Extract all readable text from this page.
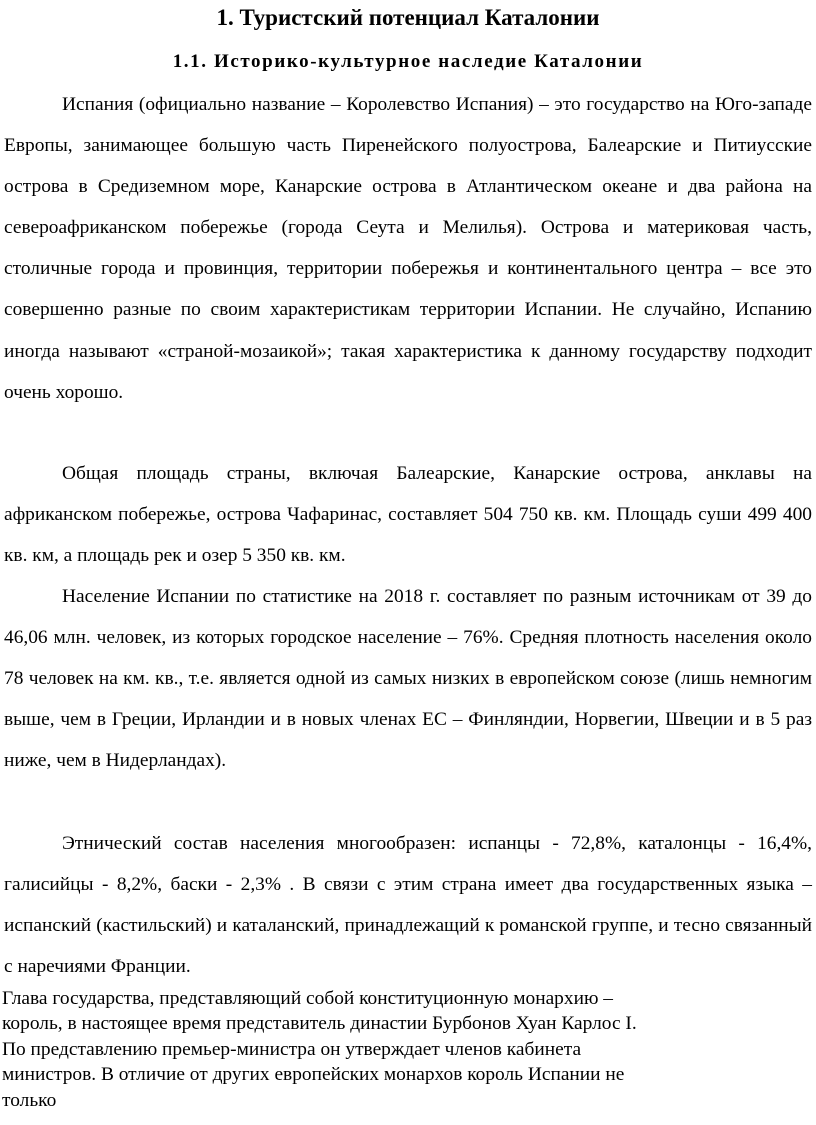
1. Туристский потенциал Каталонии
1.1. Историко-культурное наследие Каталонии

Испания (официально название – Королевство Испания) – это государство на Юго-западе Европы, занимающее большую часть Пиренейского полуострова, Балеарские и Питиусские острова в Средиземном море, Канарские острова в Атлантическом океане и два района на североафриканском побережье (города Сеута и Мелилья). Острова и материковая часть, столичные города и провинция, территории побережья и континентального центра – все это совершенно разные по своим характеристикам территории Испании. Не случайно, Испанию иногда называют «страной-мозаикой»; такая характеристика к данному государству подходит очень хорошо.

Общая площадь страны, включая Балеарские, Канарские острова, анклавы на африканском побережье, острова Чафаринас, составляет 504 750 кв. км. Площадь суши 499 400 кв. км, а площадь рек и озер 5 350 кв. км.

Население Испании по статистике на 2018 г. составляет по разным источникам от 39 до 46,06 млн. человек, из которых городское население – 76%. Средняя плотность населения около 78 человек на км. кв., т.е. является одной из самых низких в европейском союзе (лишь немногим выше, чем в Греции, Ирландии и в новых членах ЕС – Финляндии, Норвегии, Швеции и в 5 раз ниже, чем в Нидерландах).

Этнический состав населения многообразен: испанцы - 72,8%, каталонцы - 16,4%, галисийцы - 8,2%, баски - 2,3% . В связи с этим страна имеет два государственных языка – испанский (кастильский) и каталанский, принадлежащий к романской группе, и тесно связанный с наречиями Франции.

Глава государства, представляющий собой конституционную монархию –
король, в настоящее время представитель династии Бурбонов Хуан Карлос I.
По представлению премьер-министра он утверждает членов кабинета
министров. В отличие от других европейских монархов король Испании не
только
